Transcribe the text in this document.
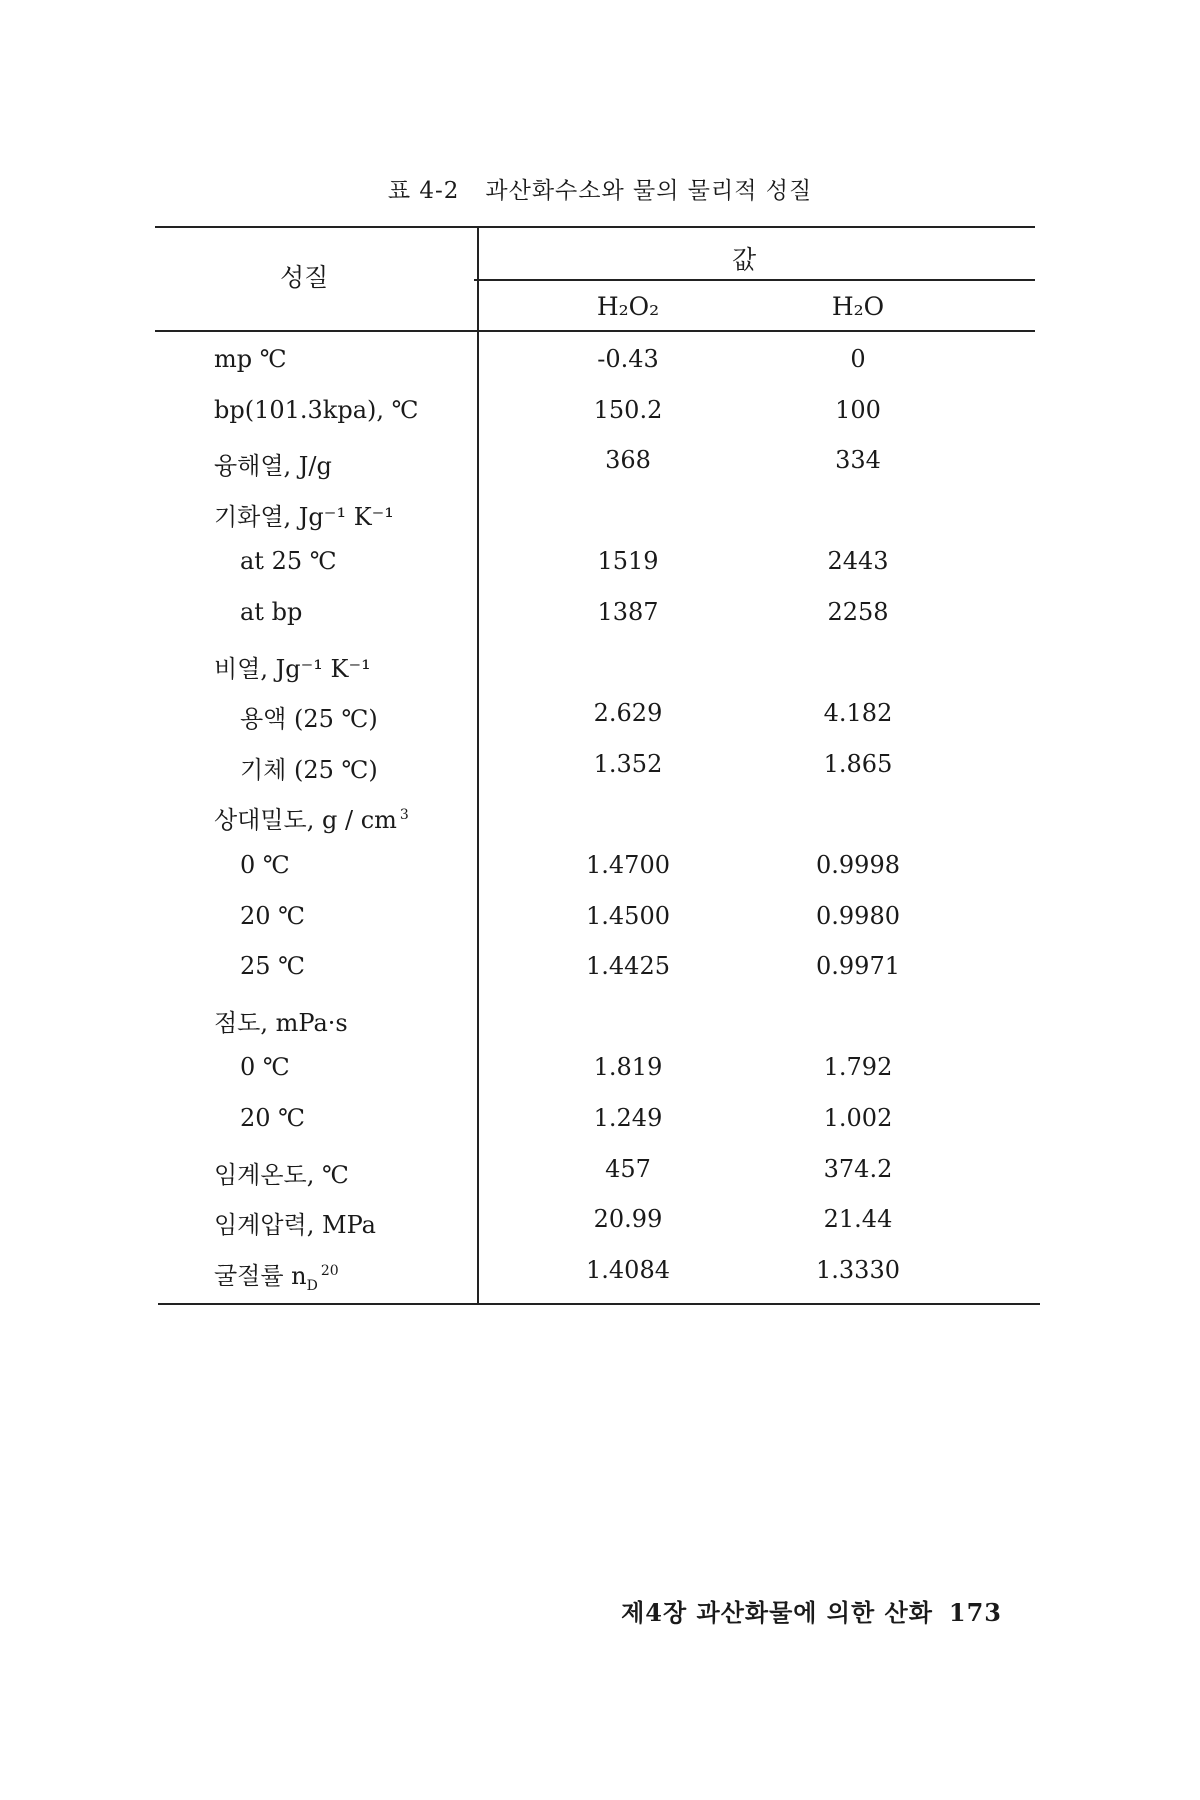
표 4-2 과산화수소와 물의 물리적 성질
성질
값
H₂O₂	H₂O
mp ℃	-0.43	0
bp(101.3kpa), ℃	150.2	100
융해열, J/g	368	334
기화열, Jg⁻¹ K⁻¹
at 25 ℃	1519	2443
at bp	1387	2258
비열, Jg⁻¹ K⁻¹
용액 (25 ℃)	2.629	4.182
기체 (25 ℃)	1.352	1.865
상대밀도, g / cm $^3$
0 ℃	1.4700	0.9998
20 ℃	1.4500	0.9980
25 ℃	1.4425	0.9971
점도, mPa·s
0 ℃	1.819	1.792
20 ℃	1.249	1.002
임계온도, ℃	457	374.2
임계압력, MPa	20.99	21.44
굴절률 $n_D^{20}$	1.4084	1.3330
제4장 과산화물에 의한 산화 173
